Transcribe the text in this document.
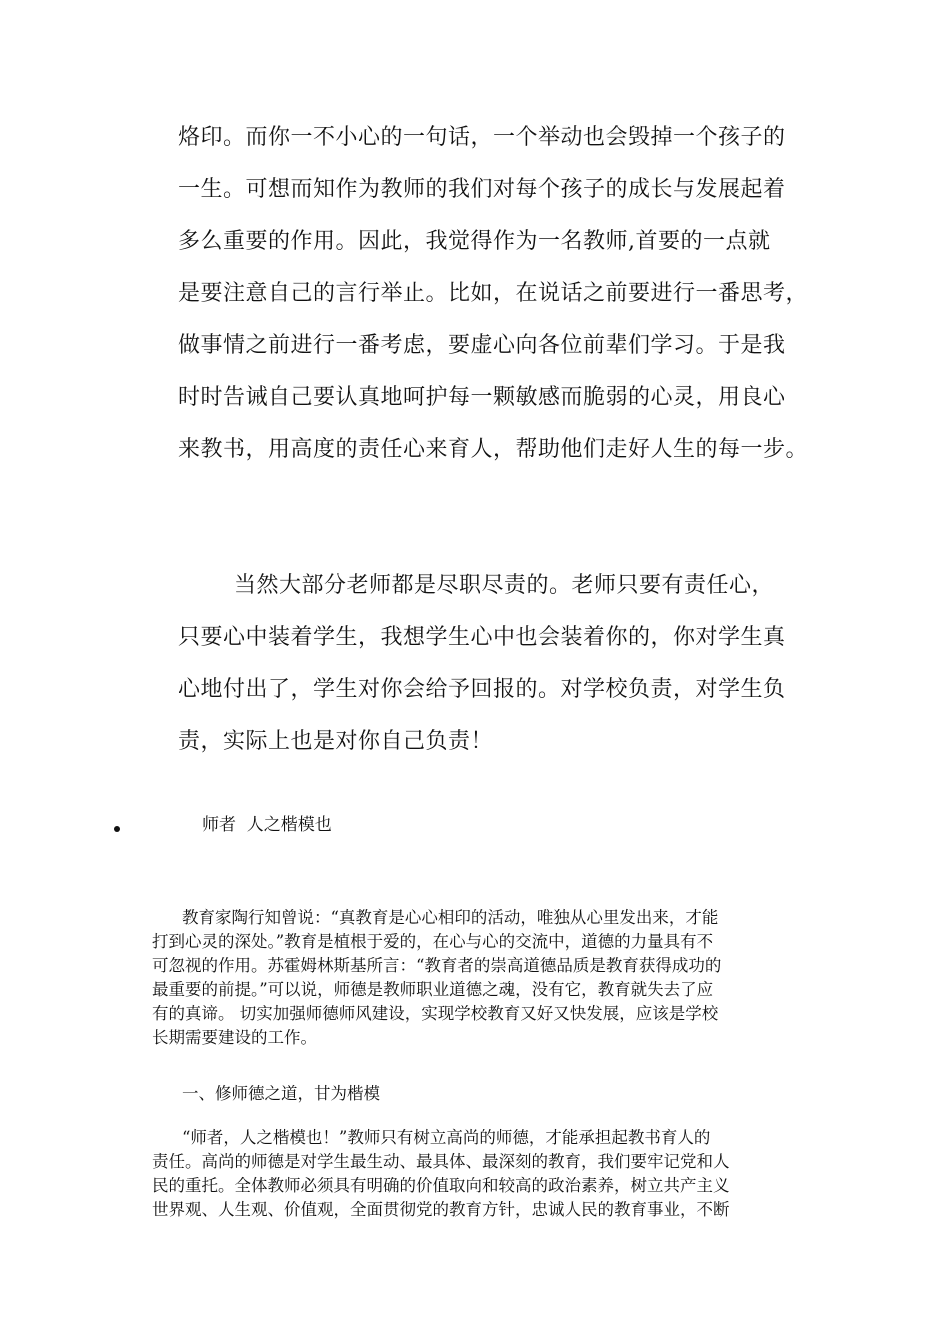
烙印。而你一不小心的一句话，一个举动也会毁掉一个孩子的
一生。可想而知作为教师的我们对每个孩子的成长与发展起着
多么重要的作用。因此，我觉得作为一名教师,首要的一点就
是要注意自己的言行举止。比如，在说话之前要进行一番思考，
做事情之前进行一番考虑，要虚心向各位前辈们学习。于是我
时时告诫自己要认真地呵护每一颗敏感而脆弱的心灵，用良心
来教书，用高度的责任心来育人，帮助他们走好人生的每一步。
当然大部分老师都是尽职尽责的。老师只要有责任心，
只要心中装着学生，我想学生心中也会装着你的，你对学生真
心地付出了，学生对你会给予回报的。对学校负责，对学生负
责，实际上也是对你自己负责！
师者  人之楷模也
教育家陶行知曾说：“真教育是心心相印的活动，唯独从心里发出来，才能
打到心灵的深处。”教育是植根于爱的，在心与心的交流中，道德的力量具有不
可忽视的作用。苏霍姆林斯基所言：“教育者的崇高道德品质是教育获得成功的
最重要的前提。”可以说，师德是教师职业道德之魂，没有它，教育就失去了应
有的真谛。 切实加强师德师风建设，实现学校教育又好又快发展，应该是学校
长期需要建设的工作。
一、修师德之道，甘为楷模
“师者，人之楷模也！”教师只有树立高尚的师德，才能承担起教书育人的
责任。高尚的师德是对学生最生动、最具体、最深刻的教育，我们要牢记党和人
民的重托。全体教师必须具有明确的价值取向和较高的政治素养，树立共产主义
世界观、人生观、价值观，全面贯彻党的教育方针，忠诚人民的教育事业，不断
